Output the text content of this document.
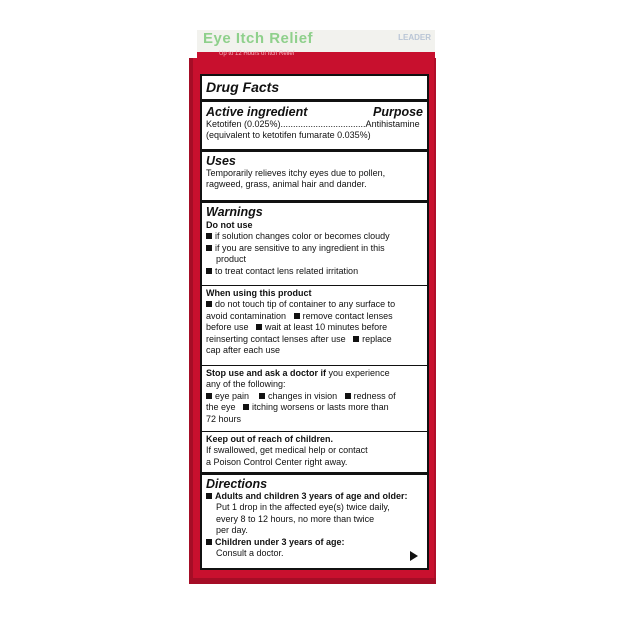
Eye Itch Relief	LEADER
Up to 12 Hours of Itch Relief
Drug Facts
Active ingredient	Purpose
Ketotifen (0.025%)..................................Antihistamine
(equivalent to ketotifen fumarate 0.035%)
Uses
Temporarily relieves itchy eyes due to pollen,
ragweed, grass, animal hair and dander.
Warnings
Do not use
if solution changes color or becomes cloudy
if you are sensitive to any ingredient in this
product
to treat contact lens related irritation
When using this product
do not touch tip of container to any surface to
avoid contamination remove contact lenses
before use wait at least 10 minutes before
reinserting contact lenses after use replace
cap after each use
Stop use and ask a doctor if you experience
any of the following:
eye pain changes in vision redness of
the eye itching worsens or lasts more than
72 hours
Keep out of reach of children.
If swallowed, get medical help or contact
a Poison Control Center right away.
Directions
Adults and children 3 years of age and older:
Put 1 drop in the affected eye(s) twice daily,
every 8 to 12 hours, no more than twice
per day.
Children under 3 years of age:
Consult a doctor.
